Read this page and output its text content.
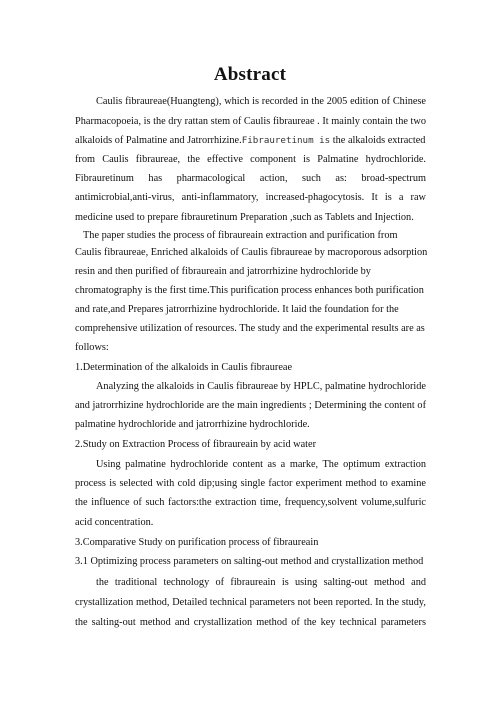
Abstract
Caulis fibraureae(Huangteng), which is recorded in the 2005 edition of Chinese
Pharmacopoeia, is the dry rattan stem of Caulis fibraureae . It mainly contain the two
alkaloids of Palmatine and Jatrorrhizine.Fibrauretinum is the alkaloids extracted
from Caulis fibraureae, the effective component is Palmatine hydrochloride.
Fibrauretinum has pharmacological action, such as: broad-spectrum
antimicrobial,anti-virus, anti-inflammatory, increased-phagocytosis. It is a raw
medicine used to prepare fibrauretinum Preparation ,such as Tablets and Injection.
The paper studies the process of fibraureain extraction and purification from
Caulis fibraureae, Enriched alkaloids of Caulis fibraureae by macroporous adsorption
resin and then purified of fibraureain and jatrorrhizine hydrochloride by
chromatography is the first time.This purification process enhances both purification
and rate,and Prepares jatrorrhizine hydrochloride. It laid the foundation for the
comprehensive utilization of resources. The study and the experimental results are as
follows:
1.Determination of the alkaloids in Caulis fibraureae
Analyzing the alkaloids in Caulis fibraureae by HPLC, palmatine hydrochloride
and jatrorrhizine hydrochloride are the main ingredients ; Determining the content of
palmatine hydrochloride and jatrorrhizine hydrochloride.
2.Study on Extraction Process of fibraureain by acid water
Using palmatine hydrochloride content as a marke, The optimum extraction
process is selected with cold dip;using single factor experiment method to examine
the influence of such factors:the extraction time, frequency,solvent volume,sulfuric
acid concentration.
3.Comparative Study on purification process of fibraureain
3.1 Optimizing process parameters on salting-out method and crystallization method
the traditional technology of fibraureain is using salting-out method and
crystallization method, Detailed technical parameters not been reported. In the study,
the salting-out method and crystallization method of the key technical parameters
